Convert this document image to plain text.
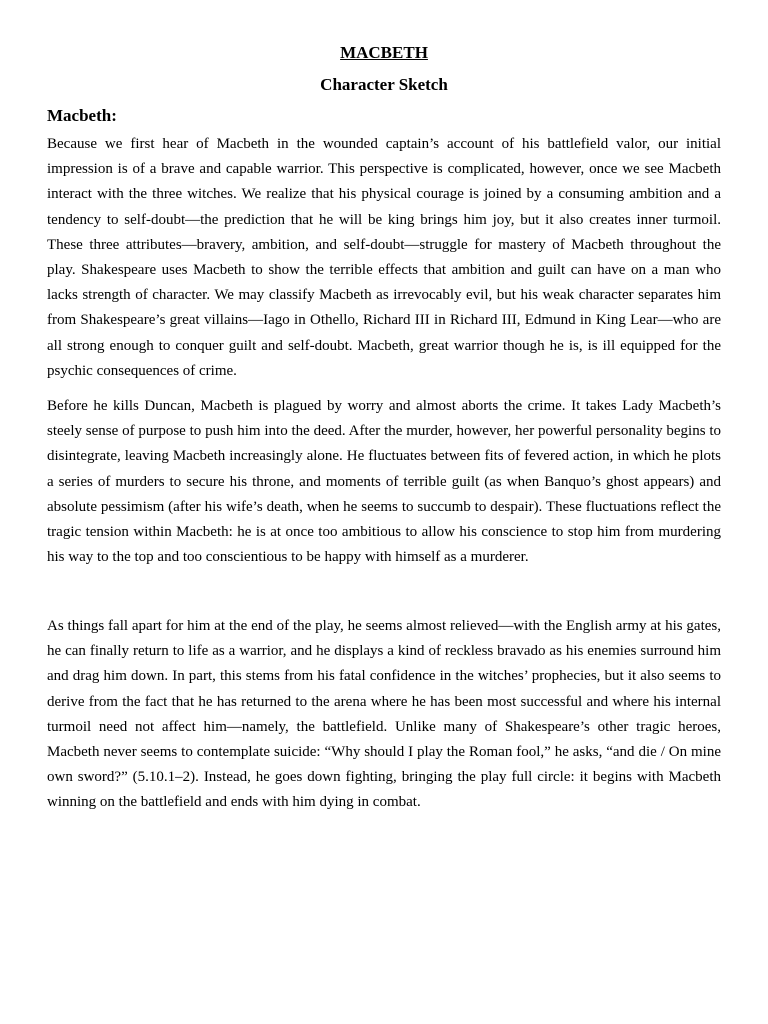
MACBETH
Character Sketch
Macbeth:

Because we first hear of Macbeth in the wounded captain’s account of his battlefield valor, our initial impression is of a brave and capable warrior. This perspective is complicated, however, once we see Macbeth interact with the three witches. We realize that his physical courage is joined by a consuming ambition and a tendency to self-doubt—the prediction that he will be king brings him joy, but it also creates inner turmoil. These three attributes—bravery, ambition, and self-doubt—struggle for mastery of Macbeth throughout the play. Shakespeare uses Macbeth to show the terrible effects that ambition and guilt can have on a man who lacks strength of character. We may classify Macbeth as irrevocably evil, but his weak character separates him from Shakespeare’s great villains—Iago in Othello, Richard III in Richard III, Edmund in King Lear—who are all strong enough to conquer guilt and self-doubt. Macbeth, great warrior though he is, is ill equipped for the psychic consequences of crime.

Before he kills Duncan, Macbeth is plagued by worry and almost aborts the crime. It takes Lady Macbeth’s steely sense of purpose to push him into the deed. After the murder, however, her powerful personality begins to disintegrate, leaving Macbeth increasingly alone. He fluctuates between fits of fevered action, in which he plots a series of murders to secure his throne, and moments of terrible guilt (as when Banquo’s ghost appears) and absolute pessimism (after his wife’s death, when he seems to succumb to despair). These fluctuations reflect the tragic tension within Macbeth: he is at once too ambitious to allow his conscience to stop him from murdering his way to the top and too conscientious to be happy with himself as a murderer.

As things fall apart for him at the end of the play, he seems almost relieved—with the English army at his gates, he can finally return to life as a warrior, and he displays a kind of reckless bravado as his enemies surround him and drag him down. In part, this stems from his fatal confidence in the witches’ prophecies, but it also seems to derive from the fact that he has returned to the arena where he has been most successful and where his internal turmoil need not affect him—namely, the battlefield. Unlike many of Shakespeare’s other tragic heroes, Macbeth never seems to contemplate suicide: “Why should I play the Roman fool,” he asks, “and die / On mine own sword?” (5.10.1–2). Instead, he goes down fighting, bringing the play full circle: it begins with Macbeth winning on the battlefield and ends with him dying in combat.
